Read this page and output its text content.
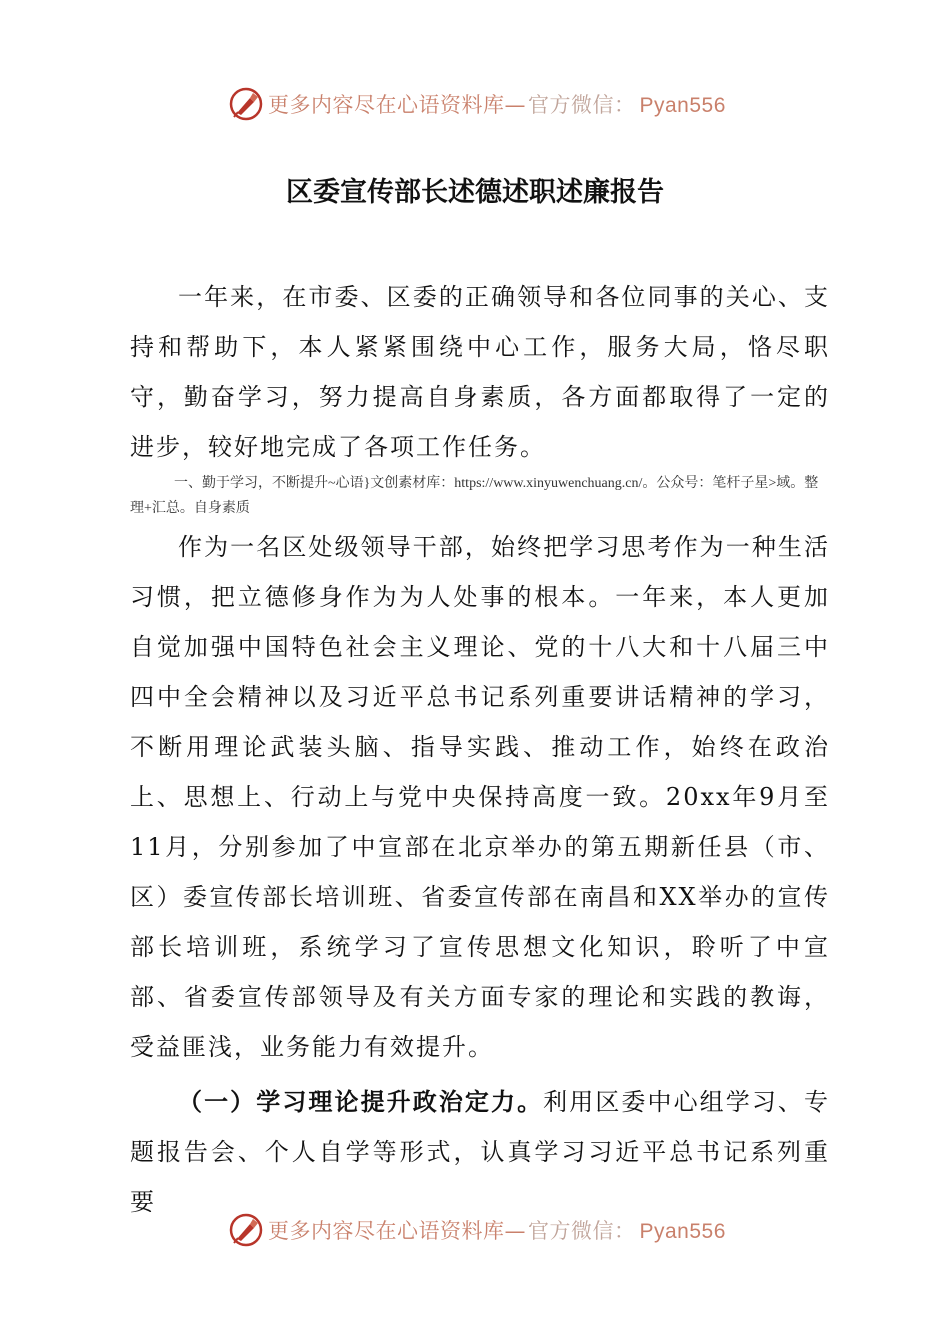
更多内容尽在心语资料库—官方微信： Pyan556
区委宣传部长述德述职述廉报告

一年来，在市委、区委的正确领导和各位同事的关心、支持和帮助下，本人紧紧围绕中心工作，服务大局，恪尽职守，勤奋学习，努力提高自身素质，各方面都取得了一定的进步，较好地完成了各项工作任务。

一、勤于学习，不断提升~心语}文创素材库：https://www.xinyuwenchuang.cn/。公众号：笔杆子星>域。整理+汇总。自身素质

作为一名区处级领导干部，始终把学习思考作为一种生活习惯，把立德修身作为为人处事的根本。一年来，本人更加自觉加强中国特色社会主义理论、党的十八大和十八届三中四中全会精神以及习近平总书记系列重要讲话精神的学习，不断用理论武装头脑、指导实践、推动工作，始终在政治上、思想上、行动上与党中央保持高度一致。20xx年9月至11月，分别参加了中宣部在北京举办的第五期新任县（市、区）委宣传部长培训班、省委宣传部在南昌和XX举办的宣传部长培训班，系统学习了宣传思想文化知识，聆听了中宣部、省委宣传部领导及有关方面专家的理论和实践的教诲，受益匪浅，业务能力有效提升。

（一）学习理论提升政治定力。利用区委中心组学习、专题报告会、个人自学等形式，认真学习习近平总书记系列重要

更多内容尽在心语资料库—官方微信： Pyan556
